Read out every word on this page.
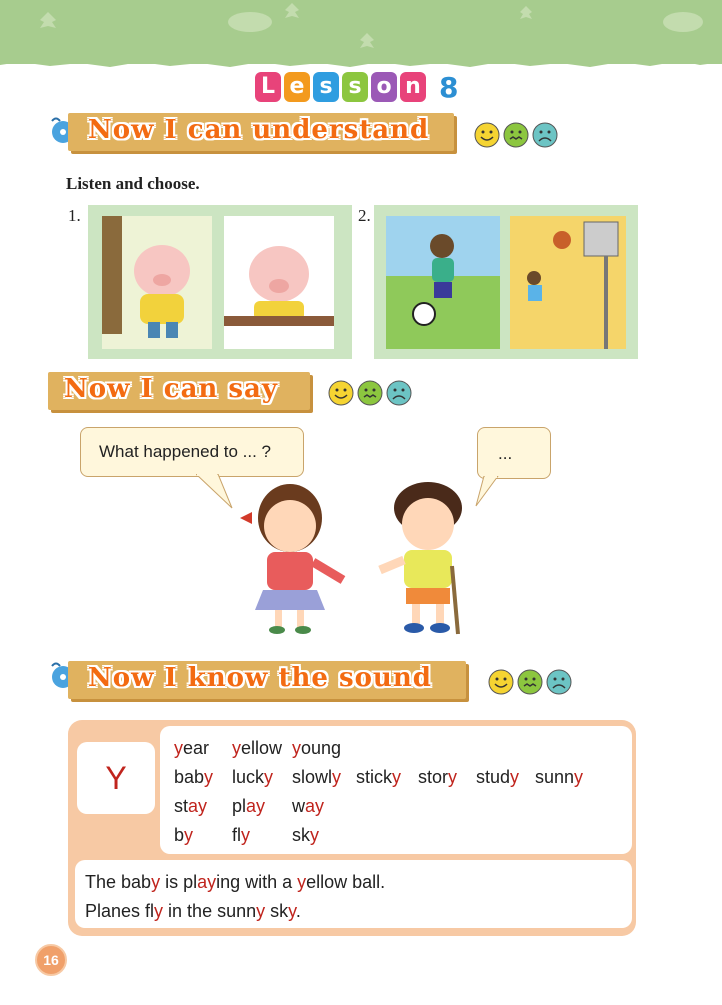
L e s s o n 8
Now I can understand
Listen and choose.
1.	2.
Now I can say
What happened to ... ?	...
Now I know the sound
Y
year yellow young
baby lucky slowly sticky story study sunny
stay play way
by fly sky
The baby is playing with a yellow ball.
Planes fly in the sunny sky.
16
